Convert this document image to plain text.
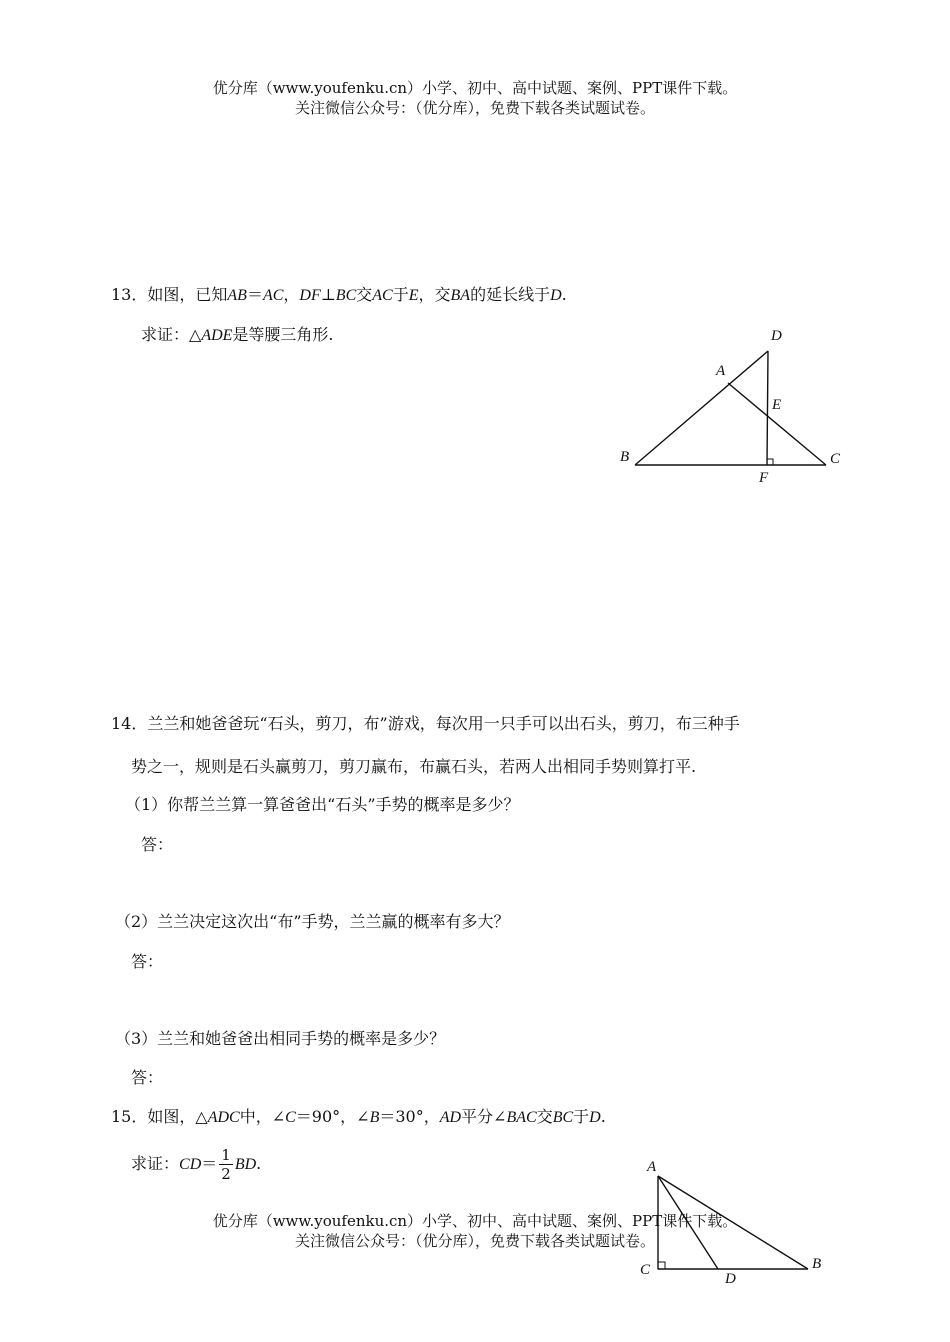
优分库（www.youfenku.cn）小学、初中、高中试题、案例、PPT课件下载。
关注微信公众号：（优分库），免费下载各类试题试卷。
13．如图，已知AB＝AC，DF⊥BC交AC于E，交BA的延长线于D.
求证：△ADE是等腰三角形.	D
A
E
B	C
F
14．兰兰和她爸爸玩“石头，剪刀，布”游戏，每次用一只手可以出石头，剪刀，布三种手
势之一，规则是石头赢剪刀，剪刀赢布，布赢石头，若两人出相同手势则算打平.
（1）你帮兰兰算一算爸爸出“石头”手势的概率是多少？
答：
（2）兰兰决定这次出“布”手势，兰兰赢的概率有多大？
答：
（3）兰兰和她爸爸出相同手势的概率是多少？
答：
15．如图，△ADC中，∠C＝90°，∠B＝30°，AD平分∠BAC交BC于D.
求证：$CD= \frac{1}{2}$ BD.	A
C
D
B
优分库（www.youfenku.cn）小学、初中、高中试题、案例、PPT课件下载。
关注微信公众号：（优分库），免费下载各类试题试卷。
